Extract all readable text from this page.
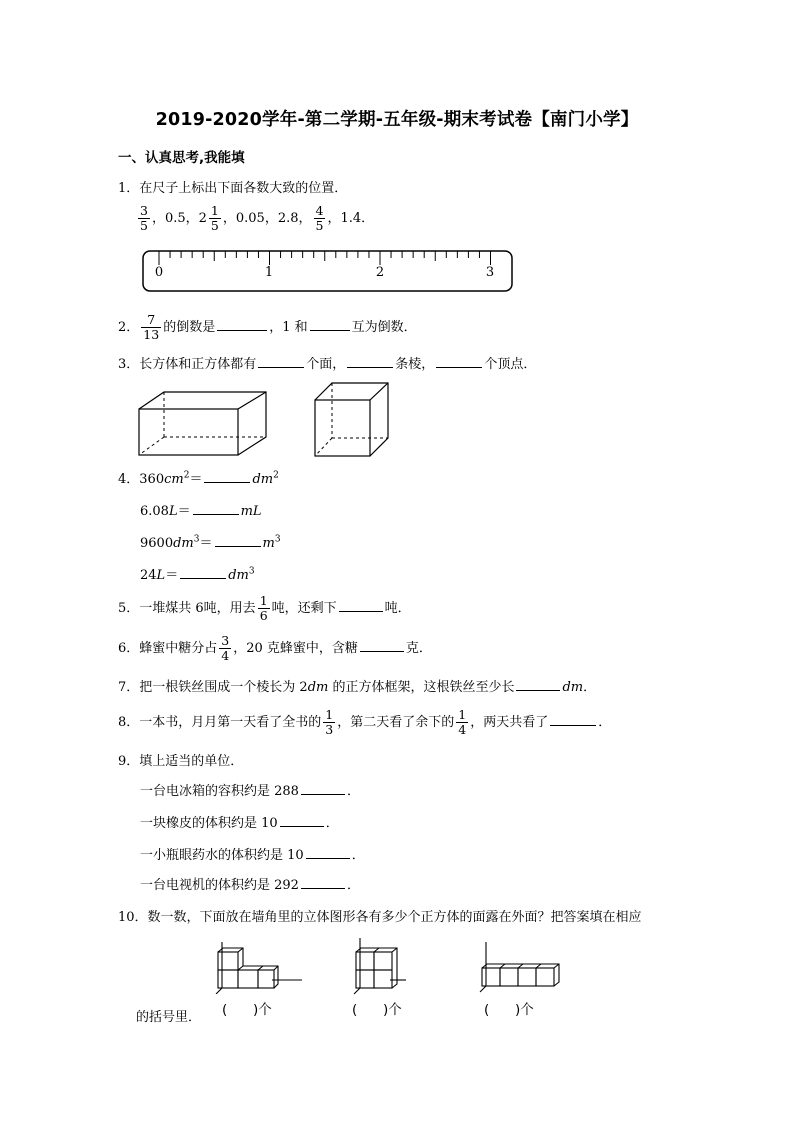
2019-2020学年-第二学期-五年级-期末考试卷【南门小学】
一、认真思考,我能填
1．在尺子上标出下面各数大致的位置．
$\frac{3}{5}$ ，0.5，$2 \frac{1}{5}$ ，0.05，2.8， $\frac{4}{5}$ ，1.4．
0	1	2	3
2． $\frac{7}{13}$ 的倒数是	，1 和	互为倒数．
3．长方体和正方体都有	个面，	条棱，	个顶点．
4．$360cm^2=$	$dm^2$
6.08L＝	mL
$9600dm^3=$	$m^3$
24L＝	$dm^3$
5．一堆煤共 6吨，用去 $\frac{1}{6}$ 吨，还剩下	吨．
6．蜂蜜中糖分占 $\frac{3}{4}$ ，20 克蜂蜜中，含糖	克．
7．把一根铁丝围成一个棱长为 2dm 的正方体框架，这根铁丝至少长	dm．
8．一本书，月月第一天看了全书的 $\frac{1}{3}$ ，第二天看了余下的 $\frac{1}{4}$ ，两天共看了	．
9．填上适当的单位．
一台电冰箱的容积约是 288	．
一块橡皮的体积约是 10	．
一小瓶眼药水的体积约是 10	．
一台电视机的体积约是 292	．
10．数一数，下面放在墙角里的立体图形各有多少个正方体的面露在外面？把答案填在相应
的括号里． (      )个	(      )个	(      )个
